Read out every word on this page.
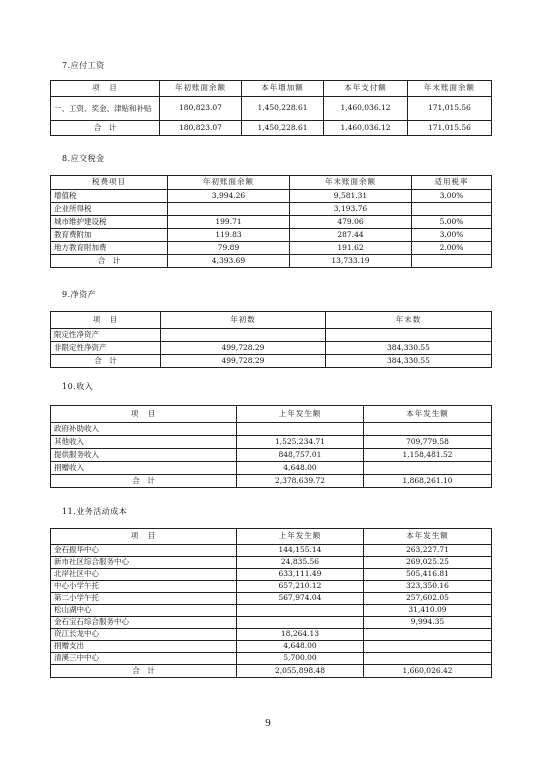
7.应付工资
项　目	年初账面余额	本年增加额	本年支付额	年末账面余额
一、工资、奖金、津贴和补贴	180,823.07	1,450,228.61	1,460,036.12	171,015.56
合　计	180,823.07	1,450,228.61	1,460,036.12	171,015.56
8.应交税金
税费项目	年初账面余额	年末账面余额	适用税率
增值税	3,994.26	9,581.31	3.00%
企业所得税		3,193.76	
城市维护建设税	199.71	479.06	5.00%
教育费附加	119.83	287.44	3.00%
地方教育附加费	79.89	191.62	2.00%
合　计	4,393.69	13,733.19	
9.净资产
项　目	年初数	年末数
限定性净资产		
非限定性净资产	499,728.29	384,330.55
合　计	499,728.29	384,330.55
10.收入
项　目	上年发生额	本年发生额
政府补助收入		
其他收入	1,525,234.71	709,779.58
提供服务收入	848,757.01	1,158,481.52
捐赠收入	4,648.00	
合　计	2,378,639.72	1,868,261.10
11.业务活动成本
项　目	上年发生额	本年发生额
金石振华中心	144,155.14	263,227.71
新市社区综合服务中心	24,835.56	269,025.25
北岸社区中心	633,111.49	505,416.81
中心小学午托	657,210.12	323,350.16
第二小学午托	567,974.04	257,602.05
松山湖中心		31,410.09
金石宝石综合服务中心		9,994.35
资江长龙中心	18,264.13	
捐赠支出	4,648.00	
清溪三中中心	5,700.00	
合　计	2,055,898.48	1,660,026.42
9
